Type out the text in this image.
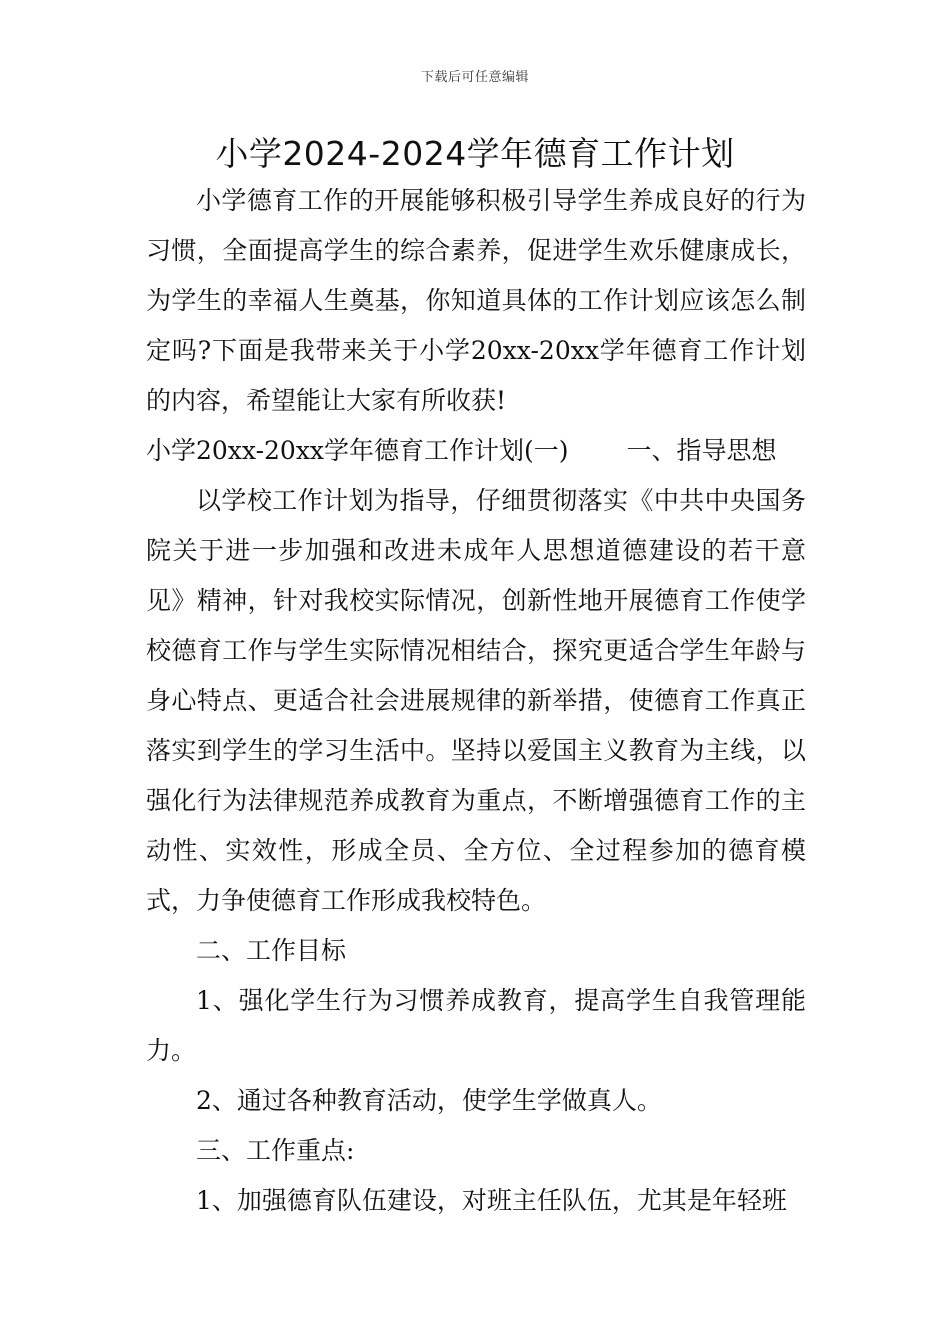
下载后可任意编辑
小学2024-2024学年德育工作计划

小学德育工作的开展能够积极引导学生养成良好的行为习惯，全面提高学生的综合素养，促进学生欢乐健康成长，为学生的幸福人生奠基，你知道具体的工作计划应该怎么制定吗?下面是我带来关于小学20xx-20xx学年德育工作计划的内容，希望能让大家有所收获!

小学20xx-20xx学年德育工作计划(一) 一、指导思想

以学校工作计划为指导，仔细贯彻落实《中共中央国务院关于进一步加强和改进未成年人思想道德建设的若干意见》精神，针对我校实际情况，创新性地开展德育工作使学校德育工作与学生实际情况相结合，探究更适合学生年龄与身心特点、更适合社会进展规律的新举措，使德育工作真正落实到学生的学习生活中。坚持以爱国主义教育为主线，以强化行为法律规范养成教育为重点，不断增强德育工作的主动性、实效性，形成全员、全方位、全过程参加的德育模式，力争使德育工作形成我校特色。

二、工作目标

1、强化学生行为习惯养成教育，提高学生自我管理能力。

2、通过各种教育活动，使学生学做真人。

三、工作重点:

1、加强德育队伍建设，对班主任队伍，尤其是年轻班
